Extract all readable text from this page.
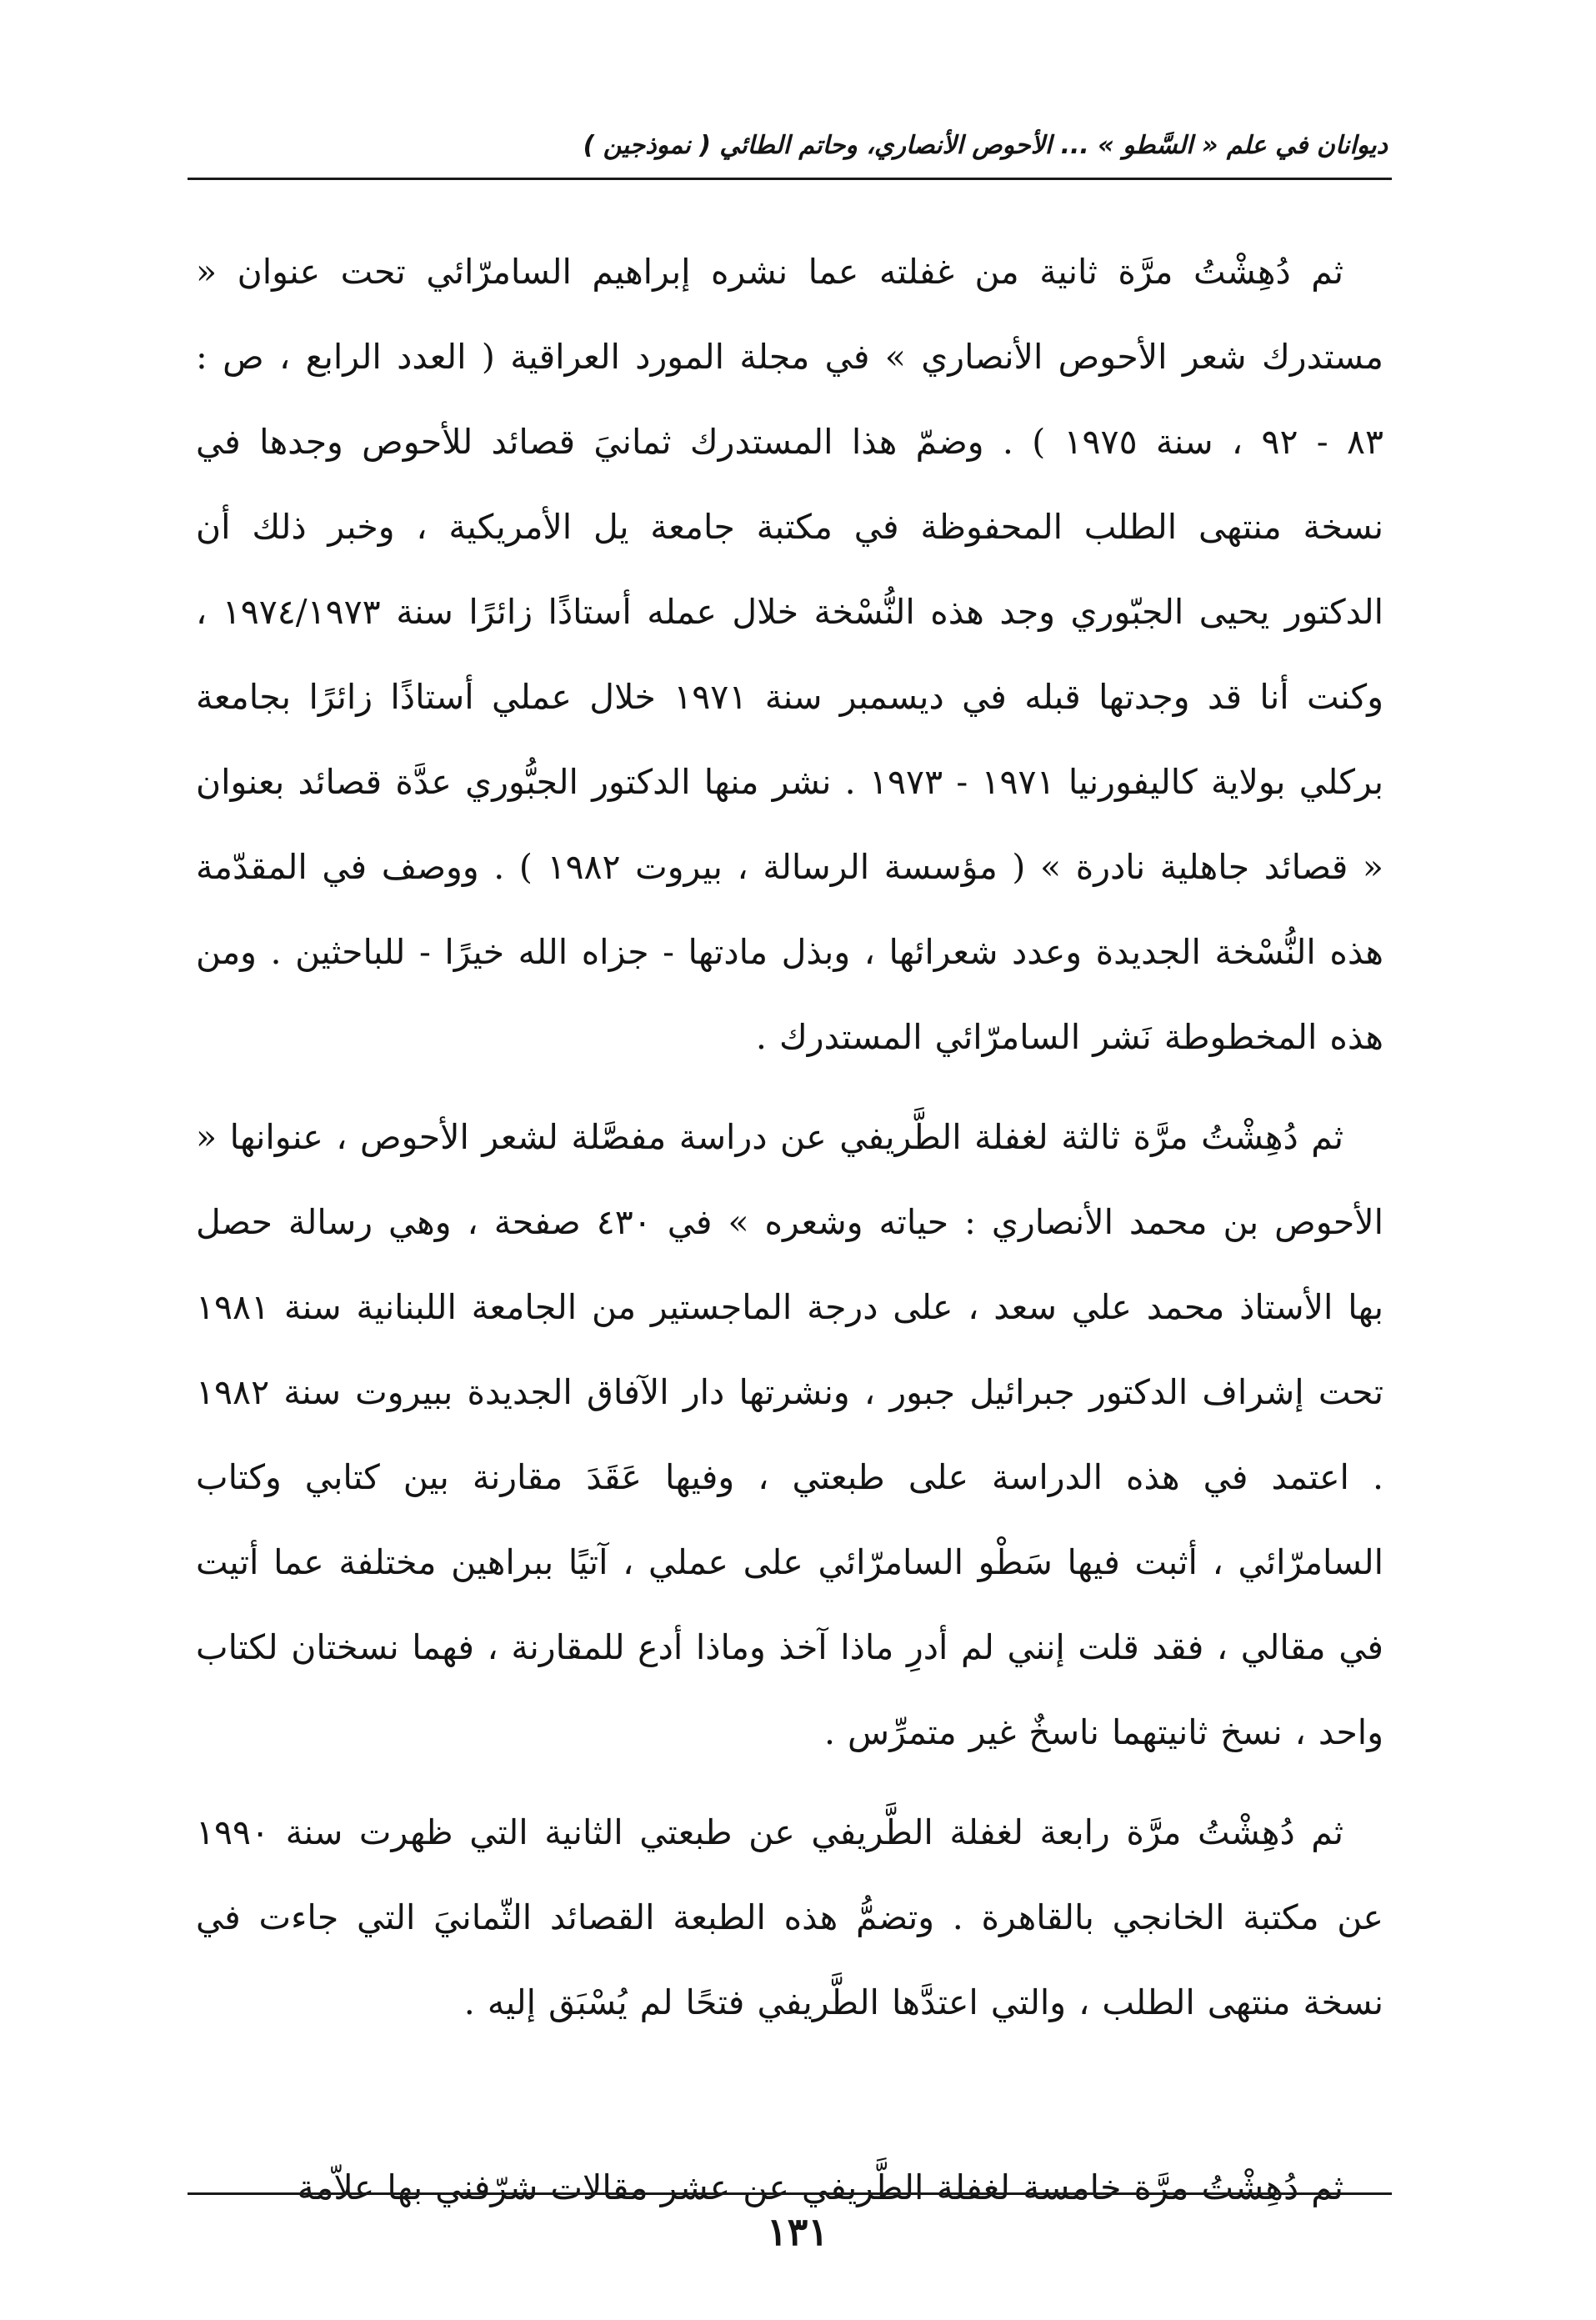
ديوانان في علم « السَّطو » ... الأحوص الأنصاري، وحاتم الطائي ( نموذجين )

ثم دُهِشْتُ مرَّة ثانية من غفلته عما نشره إبراهيم السامرّائي تحت عنوان « مستدرك شعر الأحوص الأنصاري » في مجلة المورد العراقية ( العدد الرابع ، ص : ٨٣ - ٩٢ ، سنة ١٩٧٥ ) . وضمّ هذا المستدرك ثمانيَ قصائد للأحوص وجدها في نسخة منتهى الطلب المحفوظة في مكتبة جامعة يل الأمريكية ، وخبر ذلك أن الدكتور يحيى الجبّوري وجد هذه النُّسْخة خلال عمله أستاذًا زائرًا سنة ١٩٧٤/١٩٧٣ ، وكنت أنا قد وجدتها قبله في ديسمبر سنة ١٩٧١ خلال عملي أستاذًا زائرًا بجامعة بركلي بولاية كاليفورنيا ١٩٧١ - ١٩٧٣ . نشر منها الدكتور الجبُّوري عدَّة قصائد بعنوان « قصائد جاهلية نادرة » ( مؤسسة الرسالة ، بيروت ١٩٨٢ ) . ووصف في المقدّمة هذه النُّسْخة الجديدة وعدد شعرائها ، وبذل مادتها - جزاه الله خيرًا - للباحثين . ومن هذه المخطوطة نَشر السامرّائي المستدرك .

ثم دُهِشْتُ مرَّة ثالثة لغفلة الطَّريفي عن دراسة مفصَّلة لشعر الأحوص ، عنوانها « الأحوص بن محمد الأنصاري : حياته وشعره » في ٤٣٠ صفحة ، وهي رسالة حصل بها الأستاذ محمد علي سعد ، على درجة الماجستير من الجامعة اللبنانية سنة ١٩٨١ تحت إشراف الدكتور جبرائيل جبور ، ونشرتها دار الآفاق الجديدة ببيروت سنة ١٩٨٢ . اعتمد في هذه الدراسة على طبعتي ، وفيها عَقَدَ مقارنة بين كتابي وكتاب السامرّائي ، أثبت فيها سَطْو السامرّائي على عملي ، آتيًا ببراهين مختلفة عما أتيت في مقالي ، فقد قلت إنني لم أدرِ ماذا آخذ وماذا أدع للمقارنة ، فهما نسختان لكتاب واحد ، نسخ ثانيتهما ناسخٌ غير متمرِّس .

ثم دُهِشْتُ مرَّة رابعة لغفلة الطَّريفي عن طبعتي الثانية التي ظهرت سنة ١٩٩٠ عن مكتبة الخانجي بالقاهرة . وتضمُّ هذه الطبعة القصائد الثّمانيَ التي جاءت في نسخة منتهى الطلب ، والتي اعتدَّها الطَّريفي فتحًا لم يُسْبَق إليه .

ثم دُهِشْتُ مرَّة خامسة لغفلة الطَّريفي عن عشر مقالات شرّفني بها علاّمة

١٣١
